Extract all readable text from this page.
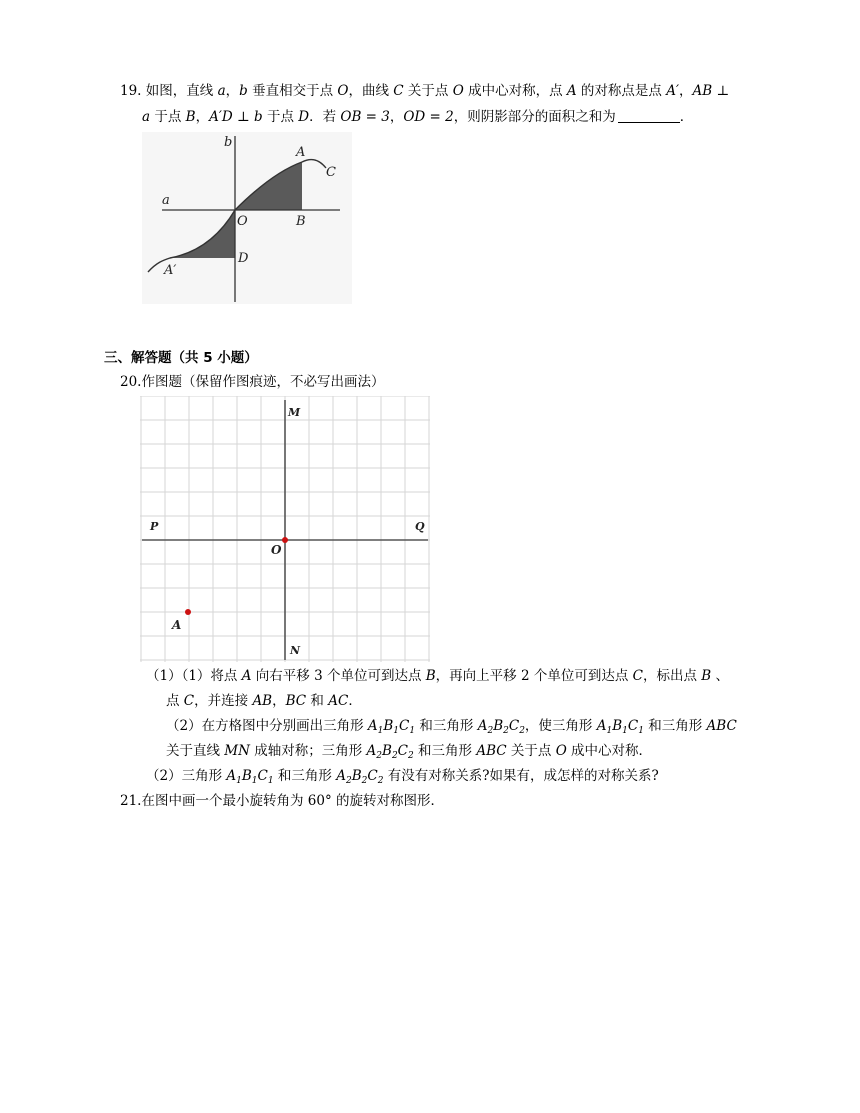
19. 如图，直线 a，b 垂直相交于点 O，曲线 C 关于点 O 成中心对称，点 A 的对称点是点 A′，AB ⊥
a 于点 B，A′D ⊥ b 于点 D．若 OB = 3，OD = 2，则阴影部分的面积之和为	．
b
a
A
C
O	B
D
A′
三、解答题（共 5 小题）
20.作图题（保留作图痕迹，不必写出画法）
M
N
P	Q
O
A
（1）（1）将点 A 向右平移 3 个单位可到达点 B，再向上平移 2 个单位可到达点 C，标出点 B 、
点 C，并连接 AB，BC 和 AC．
（2）在方格图中分别画出三角形 $A_1B_1C_1$ 和三角形 $A_2B_2C_2$，使三角形 $A_1B_1C_1$ 和三角形 ABC
关于直线 MN 成轴对称；三角形 $A_2B_2C_2$ 和三角形 ABC 关于点 O 成中心对称．
（2）三角形 $A_1B_1C_1$ 和三角形 $A_2B_2C_2$ 有没有对称关系?如果有，成怎样的对称关系?
21.在图中画一个最小旋转角为 60° 的旋转对称图形．
